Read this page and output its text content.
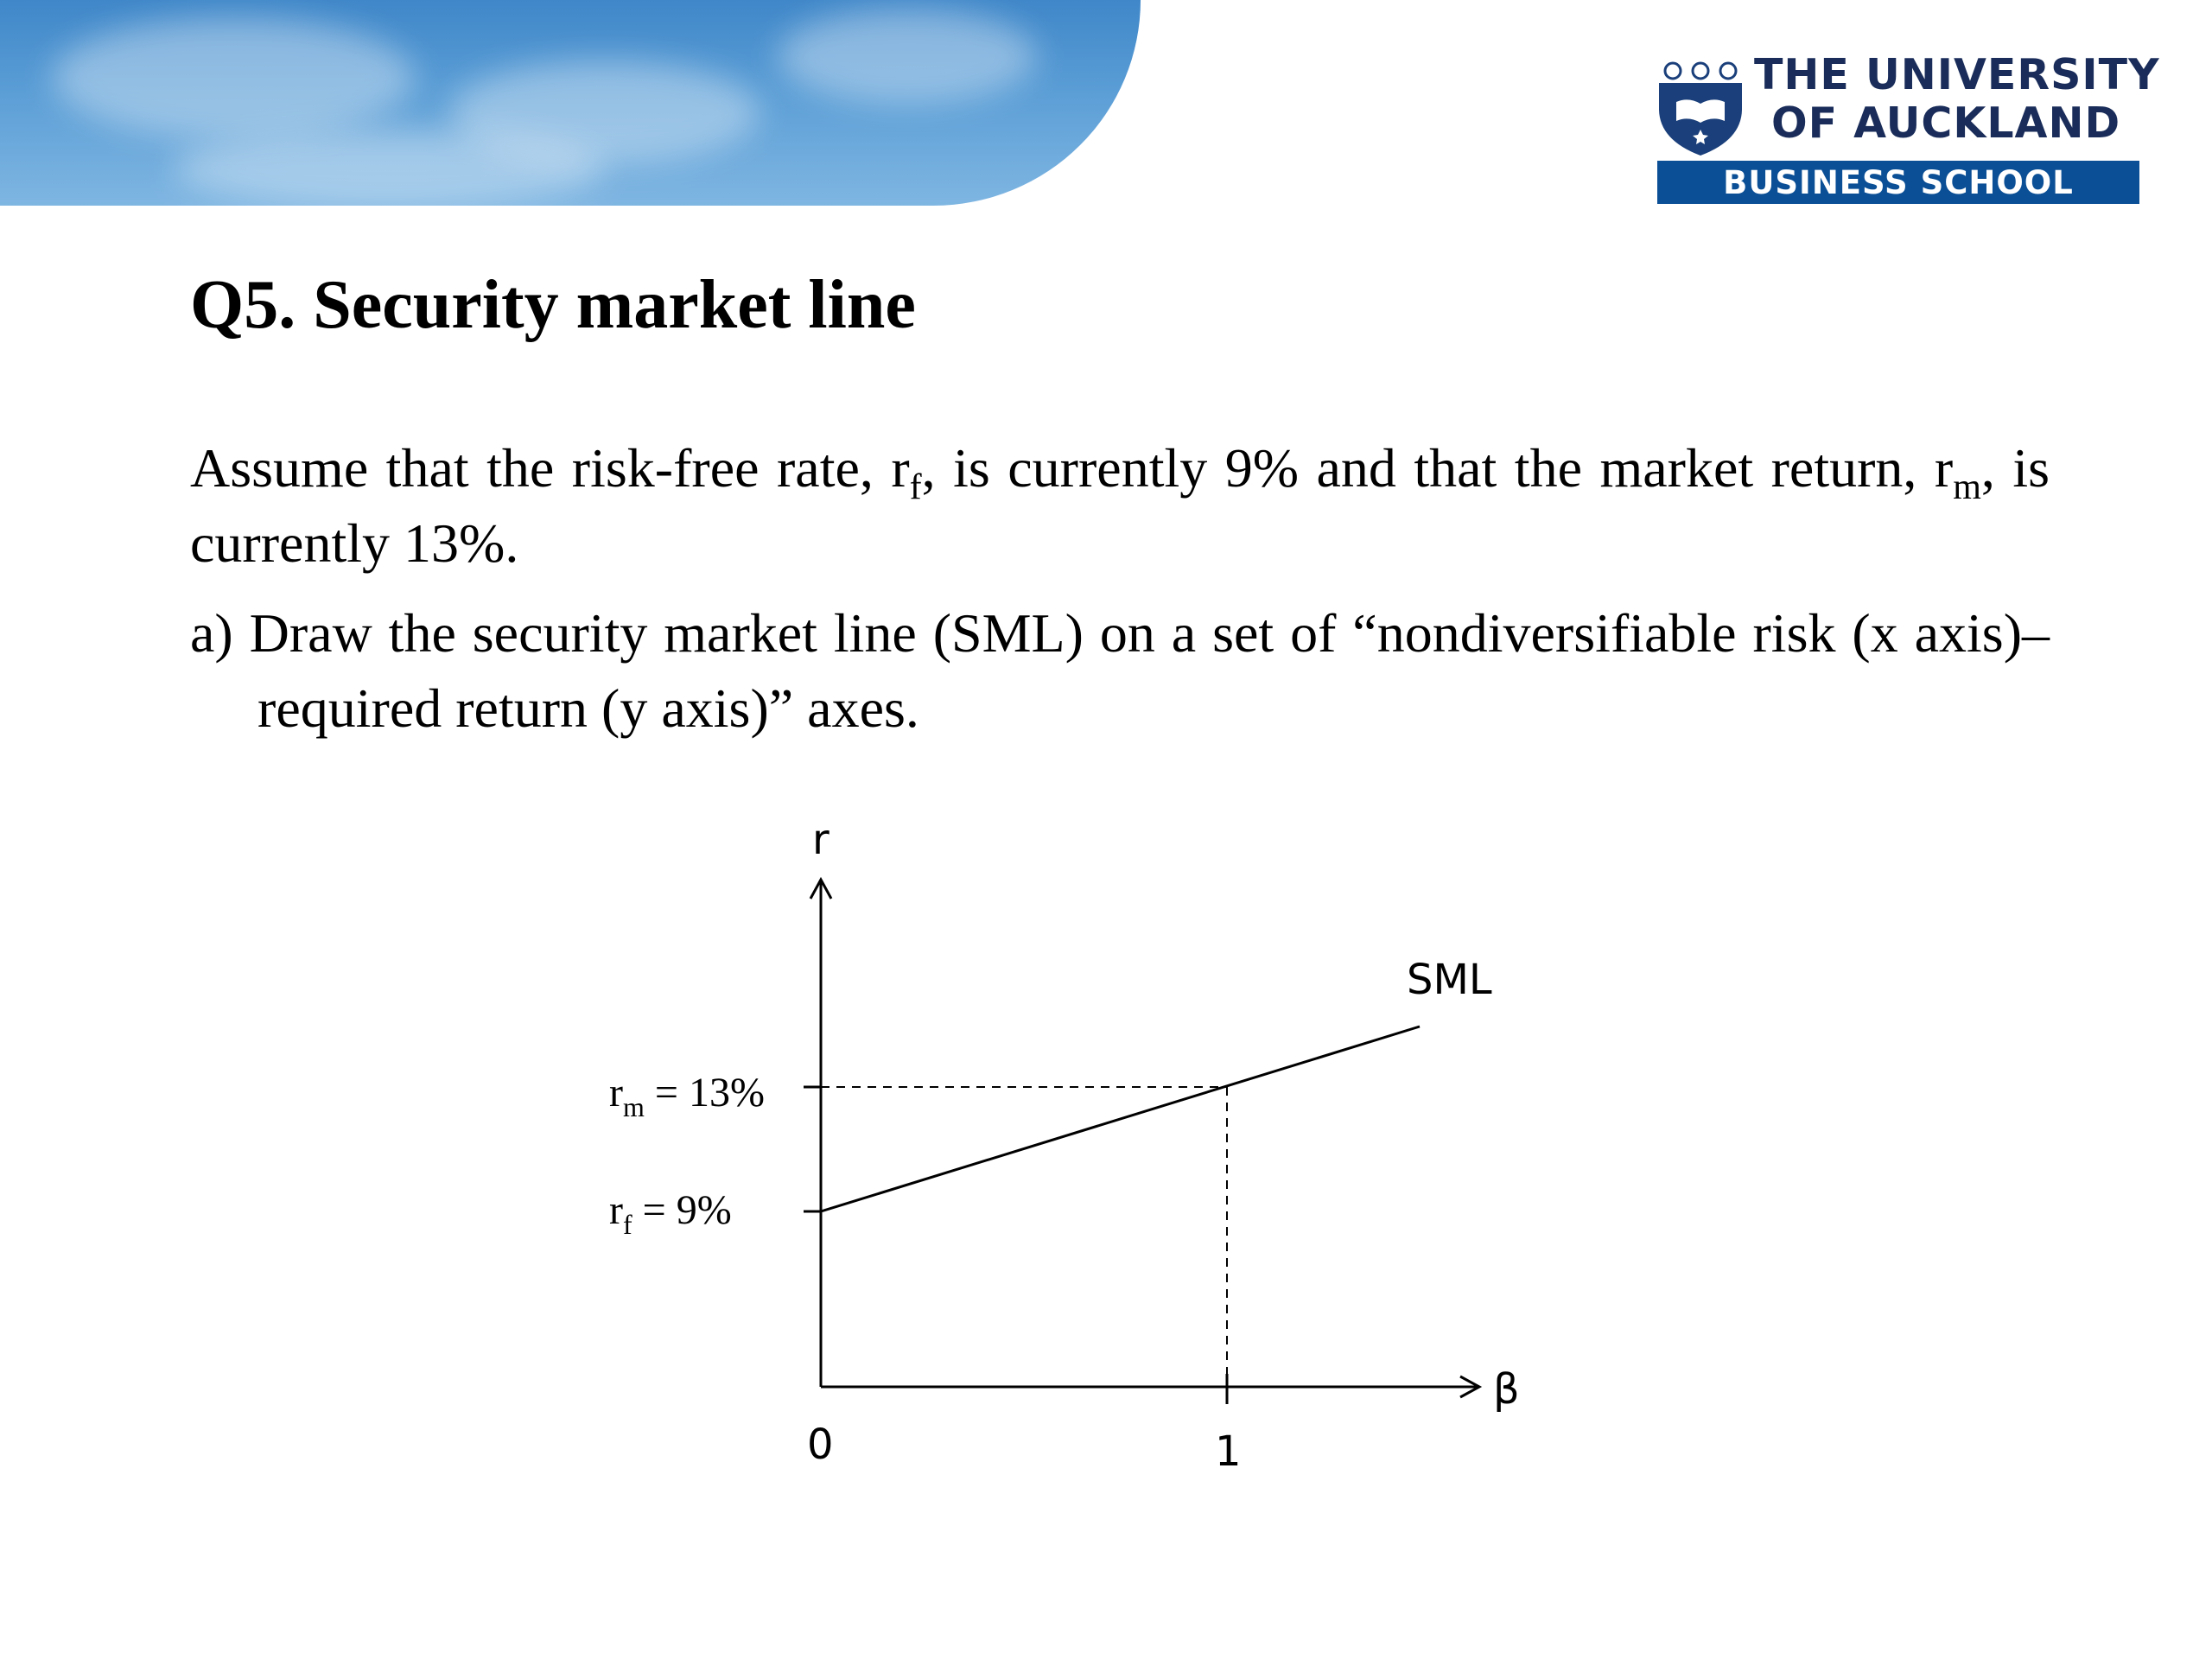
THE UNIVERSITY
OF AUCKLAND
BUSINESS SCHOOL
Q5. Security market line

Assume that the risk-free rate, $r_f$, is currently 9% and that the market return, $r_m$, is currently 13%.

a) Draw the security market line (SML) on a set of “nondiversifiable risk (x axis)–required return (y axis)” axes.

r
β
SML
0	1
$r_m = 13\%$
$r_f = 9\%$
